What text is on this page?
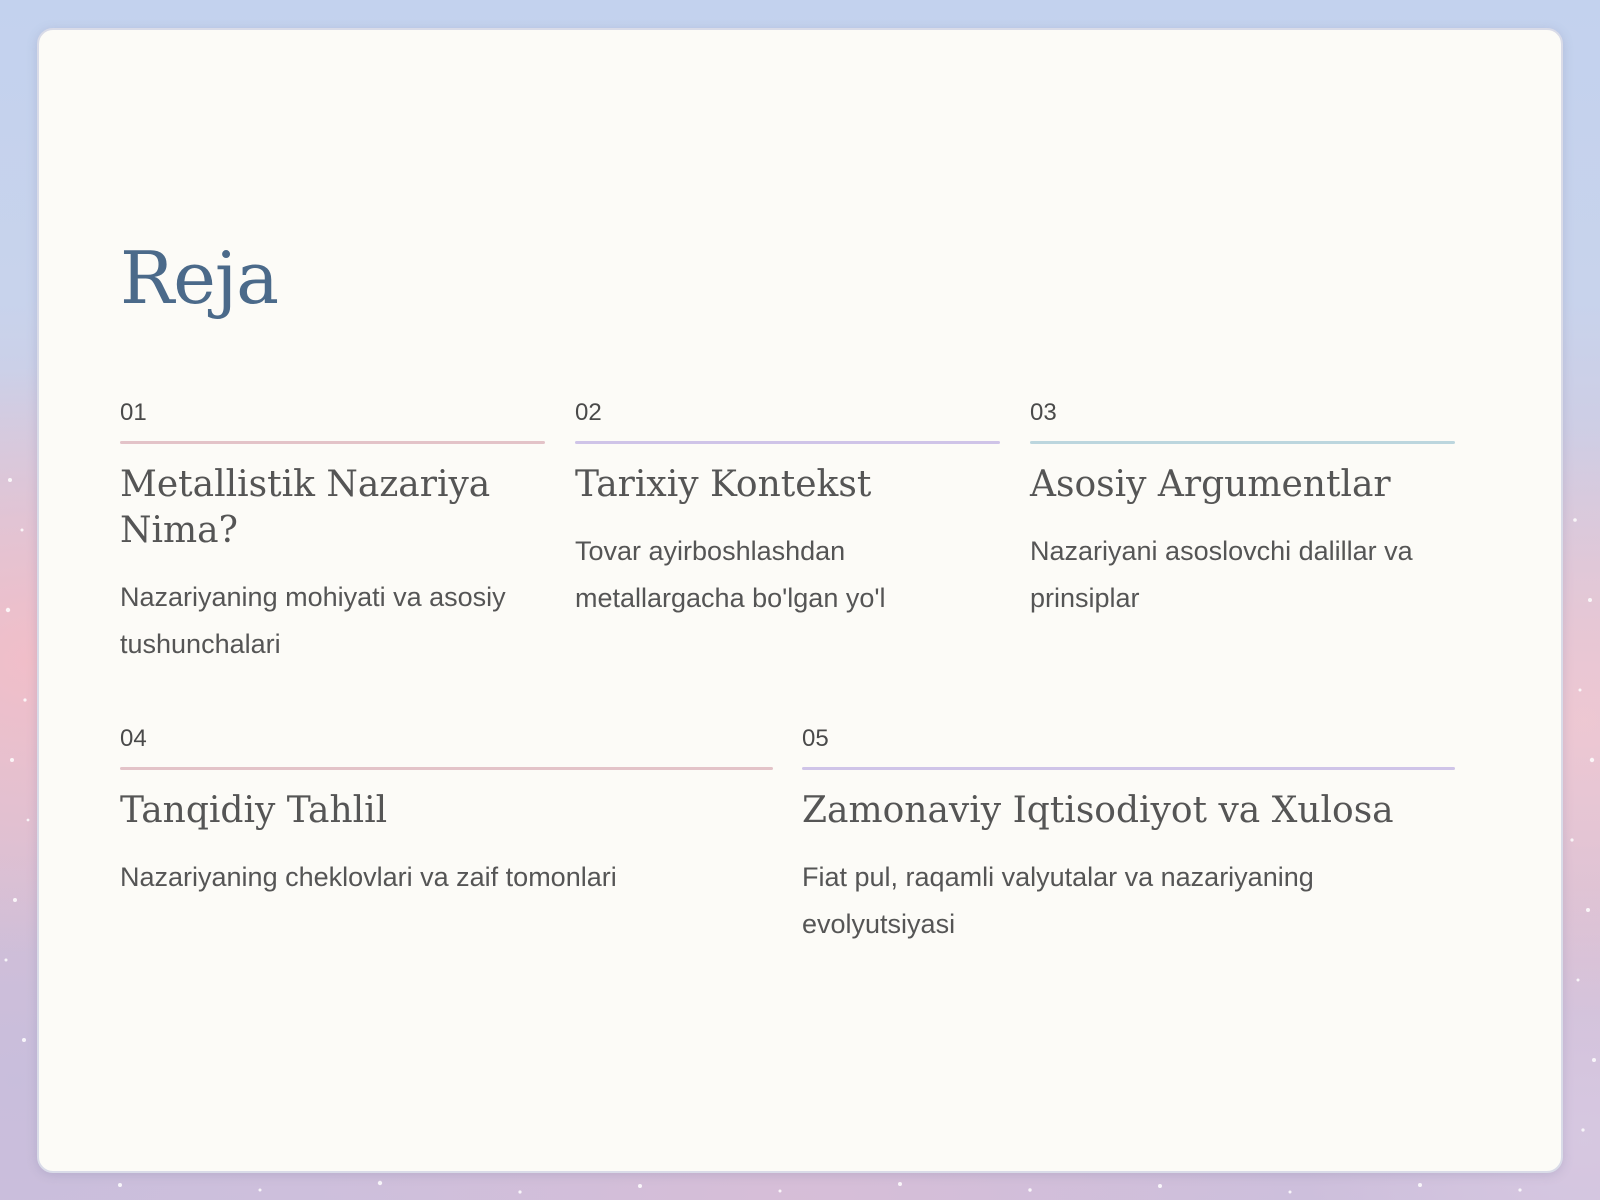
Reja
01
Metallistik Nazariya Nima?
Nazariyaning mohiyati va asosiy tushunchalari
02
Tarixiy Kontekst
Tovar ayirboshlashdan metallargacha bo'lgan yo'l
03
Asosiy Argumentlar
Nazariyani asoslovchi dalillar va prinsiplar
04
Tanqidiy Tahlil
Nazariyaning cheklovlari va zaif tomonlari
05
Zamonaviy Iqtisodiyot va Xulosa
Fiat pul, raqamli valyutalar va nazariyaning evolyutsiyasi
